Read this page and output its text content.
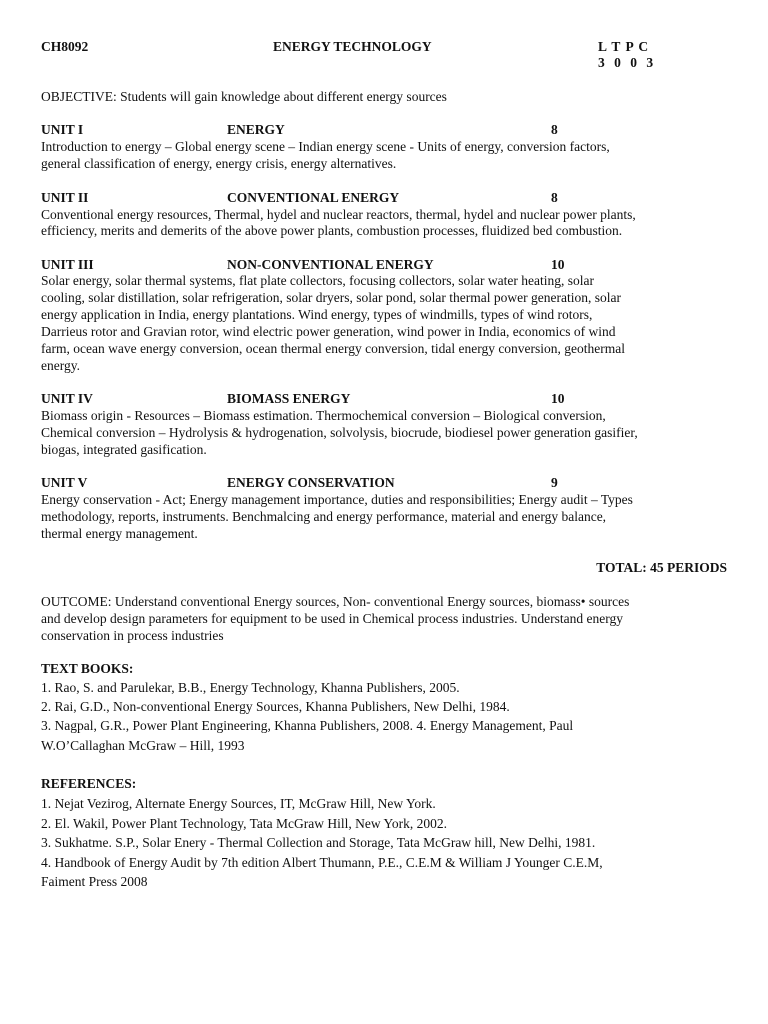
CH8092	ENERGY TECHNOLOGY	L T P C
3 0 0 3
OBJECTIVE: Students will gain knowledge about different energy sources
UNIT I	ENERGY	8
Introduction to energy – Global energy scene – Indian energy scene - Units of energy, conversion factors,
general classification of energy, energy crisis, energy alternatives.
UNIT II	CONVENTIONAL ENERGY	8
Conventional energy resources, Thermal, hydel and nuclear reactors, thermal, hydel and nuclear power plants,
efficiency, merits and demerits of the above power plants, combustion processes, fluidized bed combustion.
UNIT III	NON-CONVENTIONAL ENERGY	10
Solar energy, solar thermal systems, flat plate collectors, focusing collectors, solar water heating, solar
cooling, solar distillation, solar refrigeration, solar dryers, solar pond, solar thermal power generation, solar
energy application in India, energy plantations. Wind energy, types of windmills, types of wind rotors,
Darrieus rotor and Gravian rotor, wind electric power generation, wind power in India, economics of wind
farm, ocean wave energy conversion, ocean thermal energy conversion, tidal energy conversion, geothermal
energy.
UNIT IV	BIOMASS ENERGY	10
Biomass origin - Resources – Biomass estimation. Thermochemical conversion – Biological conversion,
Chemical conversion – Hydrolysis & hydrogenation, solvolysis, biocrude, biodiesel power generation gasifier,
biogas, integrated gasification.
UNIT V	ENERGY CONSERVATION	9
Energy conservation - Act; Energy management importance, duties and responsibilities; Energy audit – Types
methodology, reports, instruments. Benchmalcing and energy performance, material and energy balance,
thermal energy management.
TOTAL: 45 PERIODS
OUTCOME: Understand conventional Energy sources, Non- conventional Energy sources, biomass• sources
and develop design parameters for equipment to be used in Chemical process industries. Understand energy
conservation in process industries
TEXT BOOKS:
1. Rao, S. and Parulekar, B.B., Energy Technology, Khanna Publishers, 2005.
2. Rai, G.D., Non-conventional Energy Sources, Khanna Publishers, New Delhi, 1984.
3. Nagpal, G.R., Power Plant Engineering, Khanna Publishers, 2008. 4. Energy Management, Paul
W.O’Callaghan McGraw – Hill, 1993
REFERENCES:
1. Nejat Vezirog, Alternate Energy Sources, IT, McGraw Hill, New York.
2. El. Wakil, Power Plant Technology, Tata McGraw Hill, New York, 2002.
3. Sukhatme. S.P., Solar Enery - Thermal Collection and Storage, Tata McGraw hill, New Delhi, 1981.
4. Handbook of Energy Audit by 7th edition Albert Thumann, P.E., C.E.M & William J Younger C.E.M,
Faiment Press 2008
